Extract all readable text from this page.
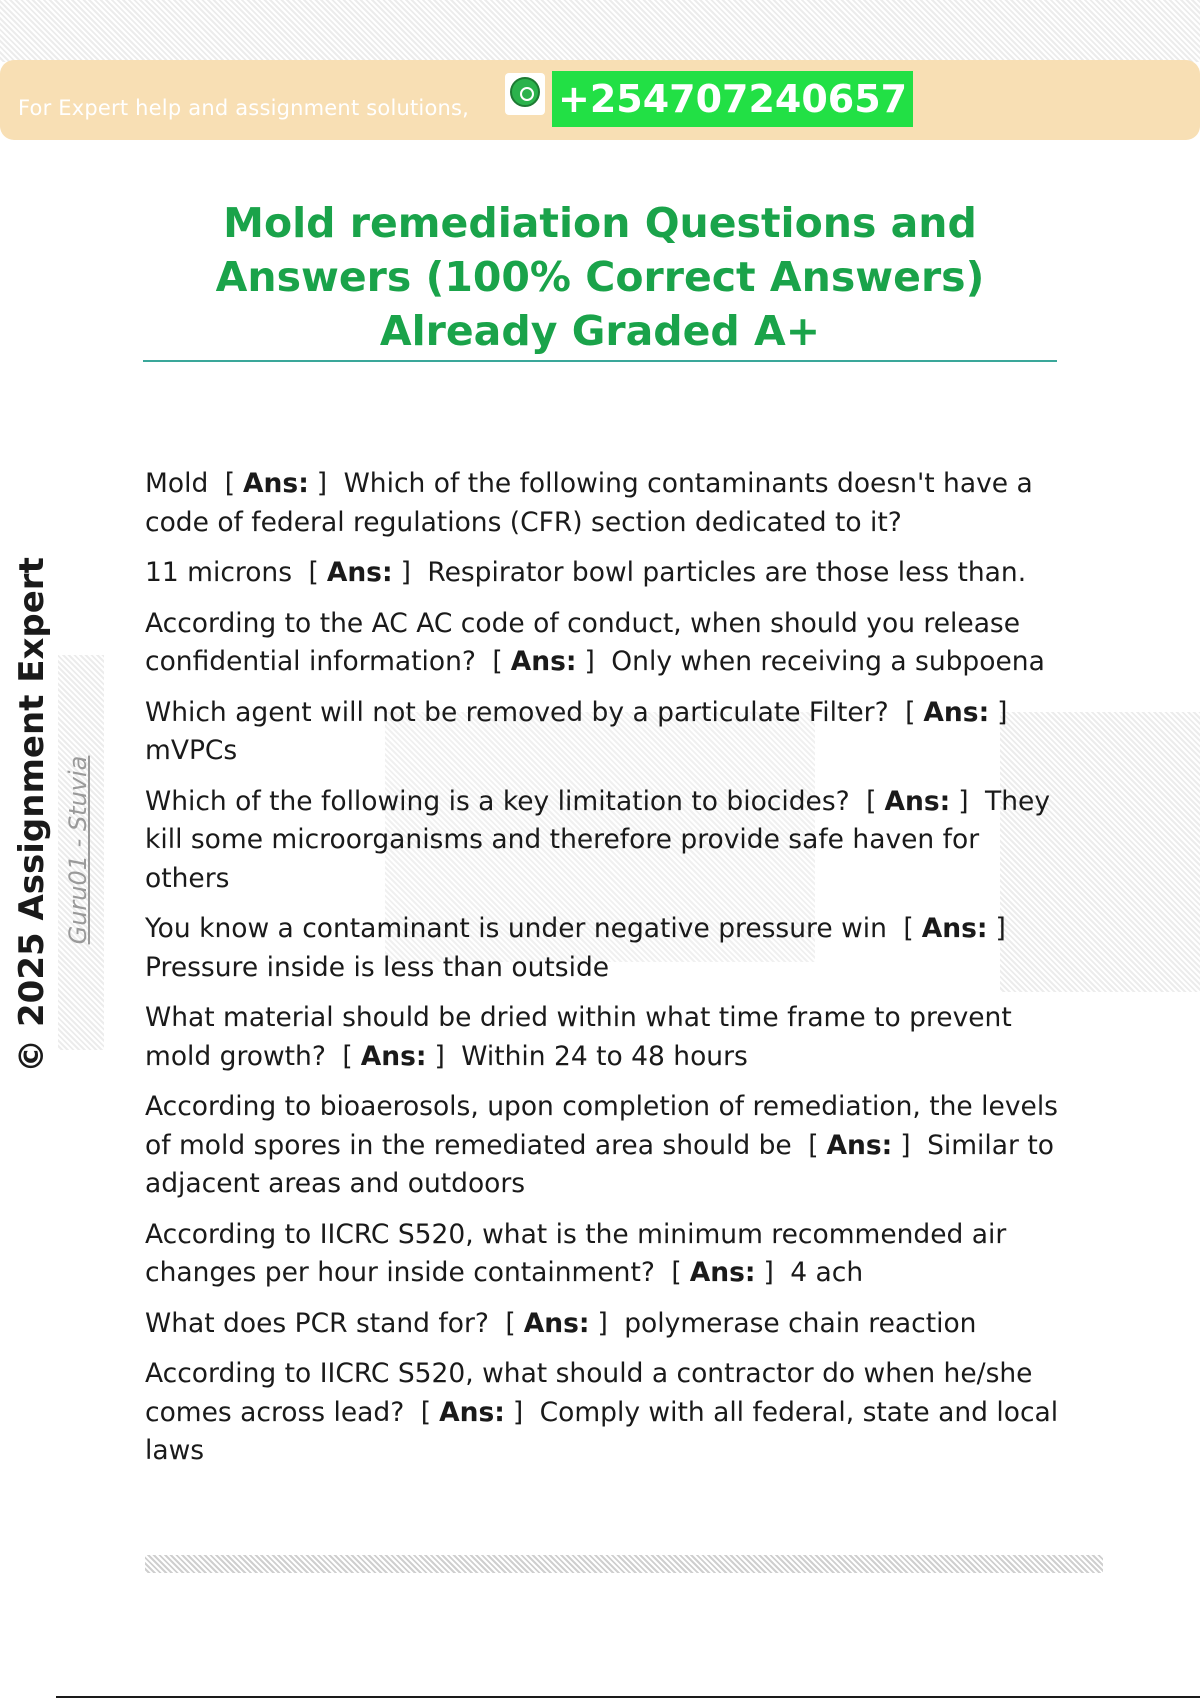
For Expert help and assignment solutions, +254707240657
Mold remediation Questions and Answers (100% Correct Answers) Already Graded A+
© 2025 Assignment Expert Guru01 - Stuvia

Mold [ Ans: ] Which of the following contaminants doesn't have a code of federal regulations (CFR) section dedicated to it?

11 microns [ Ans: ] Respirator bowl particles are those less than.

According to the AC AC code of conduct, when should you release confidential information? [ Ans: ] Only when receiving a subpoena

Which agent will not be removed by a particulate Filter? [ Ans: ] mVPCs

Which of the following is a key limitation to biocides? [ Ans: ] They kill some microorganisms and therefore provide safe haven for others

You know a contaminant is under negative pressure win [ Ans: ] Pressure inside is less than outside

What material should be dried within what time frame to prevent mold growth? [ Ans: ] Within 24 to 48 hours

According to bioaerosols, upon completion of remediation, the levels of mold spores in the remediated area should be [ Ans: ] Similar to adjacent areas and outdoors

According to IICRC S520, what is the minimum recommended air changes per hour inside containment? [ Ans: ] 4 ach

What does PCR stand for? [ Ans: ] polymerase chain reaction

According to IICRC S520, what should a contractor do when he/she comes across lead? [ Ans: ] Comply with all federal, state and local laws
